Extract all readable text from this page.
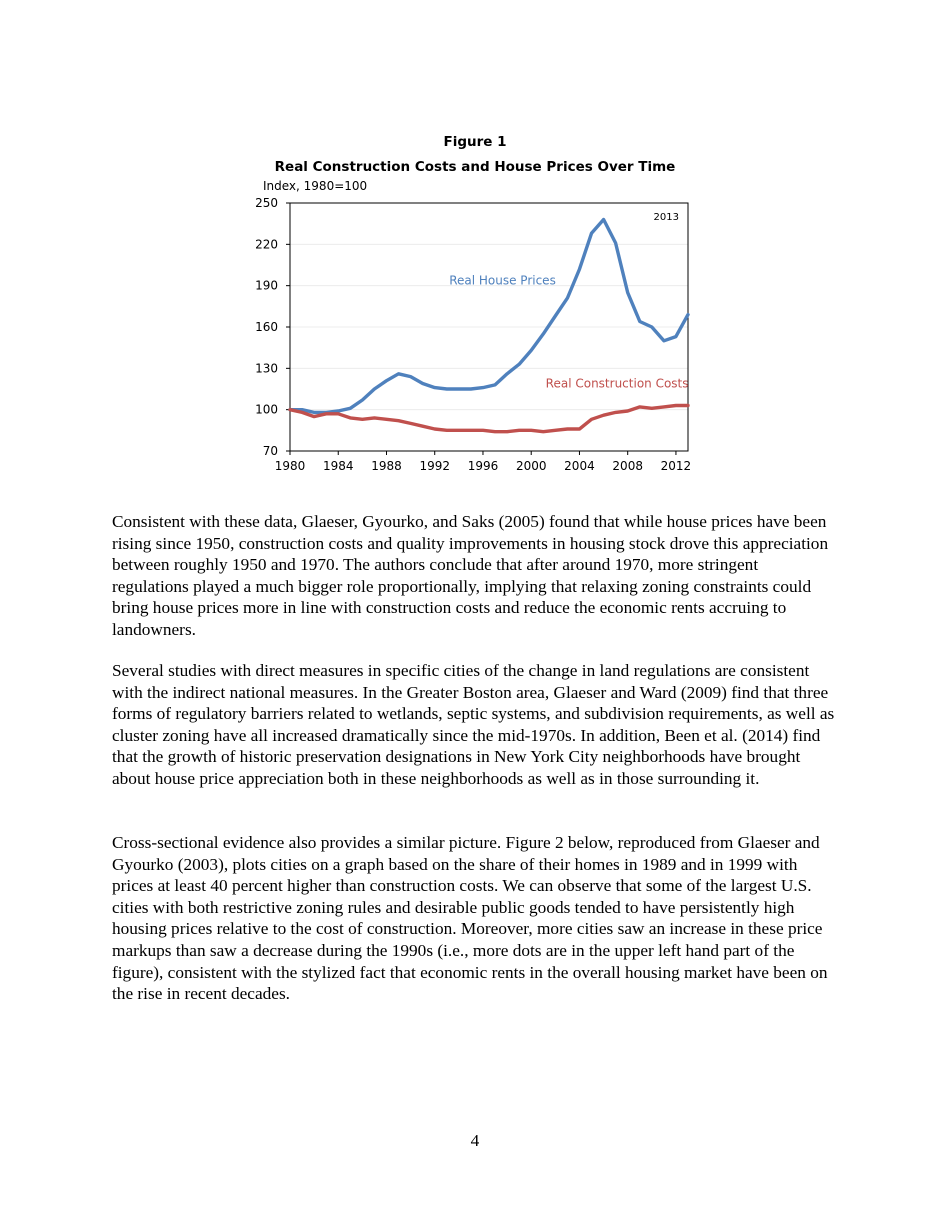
Figure 1
Real Construction Costs and House Prices Over Time
70
100
130
160
190
220
250
1980 1984 1988 1992 1996 2000 2004 2008 2012
Index, 1980=100
2013
Real House Prices
Real Construction Costs

Consistent with these data, Glaeser, Gyourko, and Saks (2005) found that while house prices have been rising since 1950, construction costs and quality improvements in housing stock drove this appreciation between roughly 1950 and 1970. The authors conclude that after around 1970, more stringent regulations played a much bigger role proportionally, implying that relaxing zoning constraints could bring house prices more in line with construction costs and reduce the economic rents accruing to landowners.

Several studies with direct measures in specific cities of the change in land regulations are consistent with the indirect national measures. In the Greater Boston area, Glaeser and Ward (2009) find that three forms of regulatory barriers related to wetlands, septic systems, and subdivision requirements, as well as cluster zoning have all increased dramatically since the mid-1970s. In addition, Been et al. (2014) find that the growth of historic preservation designations in New York City neighborhoods have brought about house price appreciation both in these neighborhoods as well as in those surrounding it.

Cross-sectional evidence also provides a similar picture. Figure 2 below, reproduced from Glaeser and Gyourko (2003), plots cities on a graph based on the share of their homes in 1989 and in 1999 with prices at least 40 percent higher than construction costs. We can observe that some of the largest U.S. cities with both restrictive zoning rules and desirable public goods tended to have persistently high housing prices relative to the cost of construction. Moreover, more cities saw an increase in these price markups than saw a decrease during the 1990s (i.e., more dots are in the upper left hand part of the figure), consistent with the stylized fact that economic rents in the overall housing market have been on the rise in recent decades.

4
